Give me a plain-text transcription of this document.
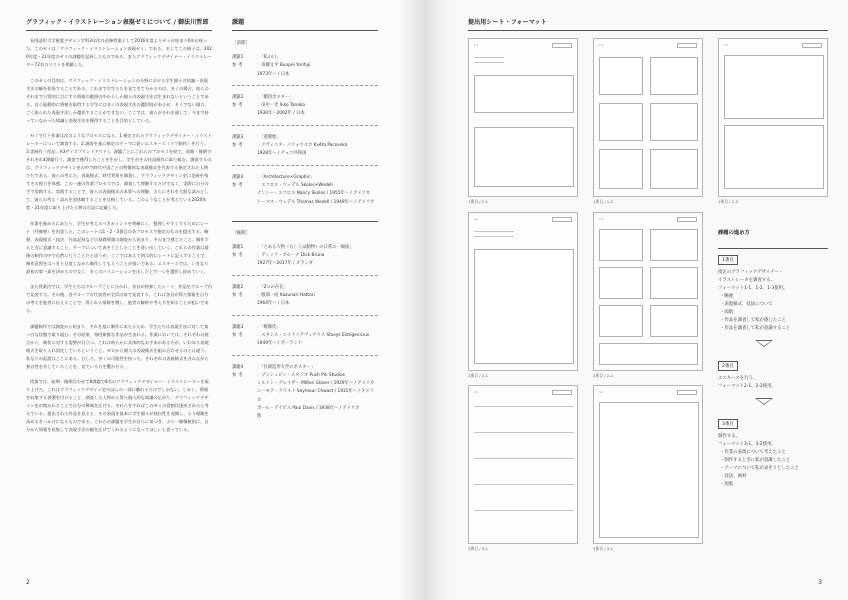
グラフィック・イラストレーション表現ゼミについて / 御法川哲郎

長岡造形大学視覚デザイン学科3年次の必修授業として2016年度よりゼミが始まり6年が経った。このゼミは「グラフィック・イラストレーション表現ゼミ」である。そしてこの冊子は、2020年度・21年度のゼミの課題を記録したものである。またグラフィックデザイナー・イラストレーター72名のリストを掲載した。

このゼミの目的は、グラフィック・イラストレーションの分野における学生個々の知識・表現手法の幅を拡張することである。これまで学生たちを見てきて分かるのは、多くの場合、彼らのそれまで日常的に目にする情報の範囲の中からしか個人の表現手法は生まれないということである。自ら能動的に情報を取得する学生には多くの表現手法の選択肢があるが、そうでない場合、ごく限られた表現手法しか選択することができない。ここでは、彼らがそれを通して、今まで持っていなかった知識と表現手法を獲得することを目的としている。

ゼミで行う作業は次のようなプロセスになる。1.指定されたグラフィックデザイナー・イラストレーターについて調査する。2.調査を基に指定のテーマに従いエスキース（ラフ制作）を行う。3.実制作（作品、A3サイズプリントアウト）。課題ごとにこれらのプロセスを経て、前期・後期でそれぞれ4課題行う。調査で獲得したことを生かし、学生がその作品制作に取り組む。調査するのは、グラフィックデザイン史の中で時代や国ごとの特徴的な表現様式を代表する指定された人物たちである。彼らの考えた、表現様式、時代背景を調査し、グラフィックデザイン史に足跡を残すその独力を体感。この一連の作業プロセスでは、調査して理解するだけでなく、実際に自分の手で実践する。実践することで、彼らの表現様式の本質への理解、さらにそれを大胆な試みとして、彼らの考え・試みを追体験することを目指している。このようなことが考えている2020年度・21年度に取り上げた人物は右記に記載した。

作業を進めるにあたり、学生が考えるべきポイントを明確にし、整理しやすくするためにシート（列参照）を用意した。このシートは1・2・3番目の各プロセスで指定のものを提出する。略歴、表現様式・技法、作品記録などの基礎情報の調査から始まり、そのまで感じたこと、制作するときに意識すること、テーマについて表そうとしたことを洗い出していく。これらの作業は最後の制作の中で自然に行うことだと思うが、ここではあえて明示的にシートに記入することで、制作意図をはっきり自覚しながら制作してもらうことが狙いである。エスキースでは、いきなり最初の第一案を決めるのでなく、多くのバリエーションを出した上で一つを選択し絞めていく。

また授業内では、学生たちはグループごとに分かれ、各自が持参したシート、作品をグループ内で発表する。その後、各グループの代表者が全員の前で発表する。これは各自が得た情報を自分の考えを他者に伝えることで、得られる情報を増し、他者の解釈や考え方を知ることが狙いである。

課題制作では調査から始まり、それを基に制作にあたるため、学生たちは表現手法に対して真っ白な状態で取り組む。その結果、毎回新鮮な作品が生まれる。作業においては、それぞれの視点から、制作に対する姿勢が目立つ。これは明らかに具体的なお手本がある方が、いわゆる表現様式を取り入れ消化しているということ。ゼロから個人の表現様式を組み合わせるのとは違う。私なりの仮説はここにある。むしろ、多くの可能性を持った、それぞれの表現様式を含みながら独自性を有していることを、見ている方を驚かせる。

授業では、前期・後期合わせて8課題で8名のグラフィックデザイナー・イラストレーターを取り上げた。これはグラフィックデザイン史のほんの一部に触れるだけでしかない。しかし、情報を収集する習慣を付けること、調査した人物から得た個人的な知識の広がり、グラフィックデザイン史が開かれることで自分の興味を広げる。それらをすればこのゼミの役割は達成されたと考えている。提出された作品を見ると、その表現を基本に学生個々が独自性を発揮し、より理解を深めるきっかけになるものである。これらの課題を学生が自らに気づき、より一層積極的に、自分から情報を収集して表現手法の幅を広げてくれるようになってほしいと思っている。

課題
［前期］
課題1	：「私の口」
参 考	：寄藤文平 Bunpei Yorifuji
1973年～ / 日本
課題2	：「劇団ポスター」
参 考	：田中一光 Ikko Tanaka
1930年～2002年 / 日本
課題3	：「遊園地」
参 考	：クヴィエタ・パツォウスカ Květa Pacovská
1928年～ / チェコ共和国
課題4	：「Architecture×Graphic」
参 考	：スコロス・ウェデル Skolos+Wedell
ナンシー・スコロス Nancy Skolos / 1955年～ / アメリカ
トーマス・ウェデル Thomas Wedell / 1949年～ / アメリカ
［後期］
課題1	：「とある人物（もしくは動物）の日常の一場面」
参 考	：ディック・ブルーナ Dick Bruna
1927年～2017年 / オランダ
課題2	：「2つの存在」
参 考	：服部一成 Kazunari Hattori
1964年～ / 日本
課題3	：「歌舞伎」
参 考	：スタシス・エイドリゲヴィチウス Stasys Eidrigevicius
1949年～ / ポーランド
課題4	：「長岡造形大学のポスター」
参 考	：プッシュピン・スタジオ Push Pin Studios
ミルトン・グレイザー Milton Glaser / 1929年～ / アメリカ
シーモア・クワスト Seymour Chwast / 1931年～ / アメリカ
ポール・デイビス Paul Davis / 1938年～ / アメリカ
他
2
提出用シート・フォーマット
1-1
1番目 / 1-1
1-2
1番目 / 1-2
1-3
1番目 / 1-3
2-1
2番目 / 2-1
2-2
2番目 / 2-2
3-1
3番目 / 3-1
3-2
3番目 / 3-2
課題の進め方
1番目
指定のグラフィックデザイナー・
イラストレータを調査する。
フォーマット1-1、1-2、1-3使用。
・略歴
・表現様式、技法について
・図版
・作品を調査して私が感じたこと
・作品を調査して私が意識すること
2番目
エスキースを行う。
フォーマット2-1、2-2使用。
3番目
制作する。
フォーマット3-1、3-2使用。
・作業の表現について考えたこと
・制作するときに私が意識したこと
・テーマについて私が表そうとしたこと
・技法、画材
・図版
3
